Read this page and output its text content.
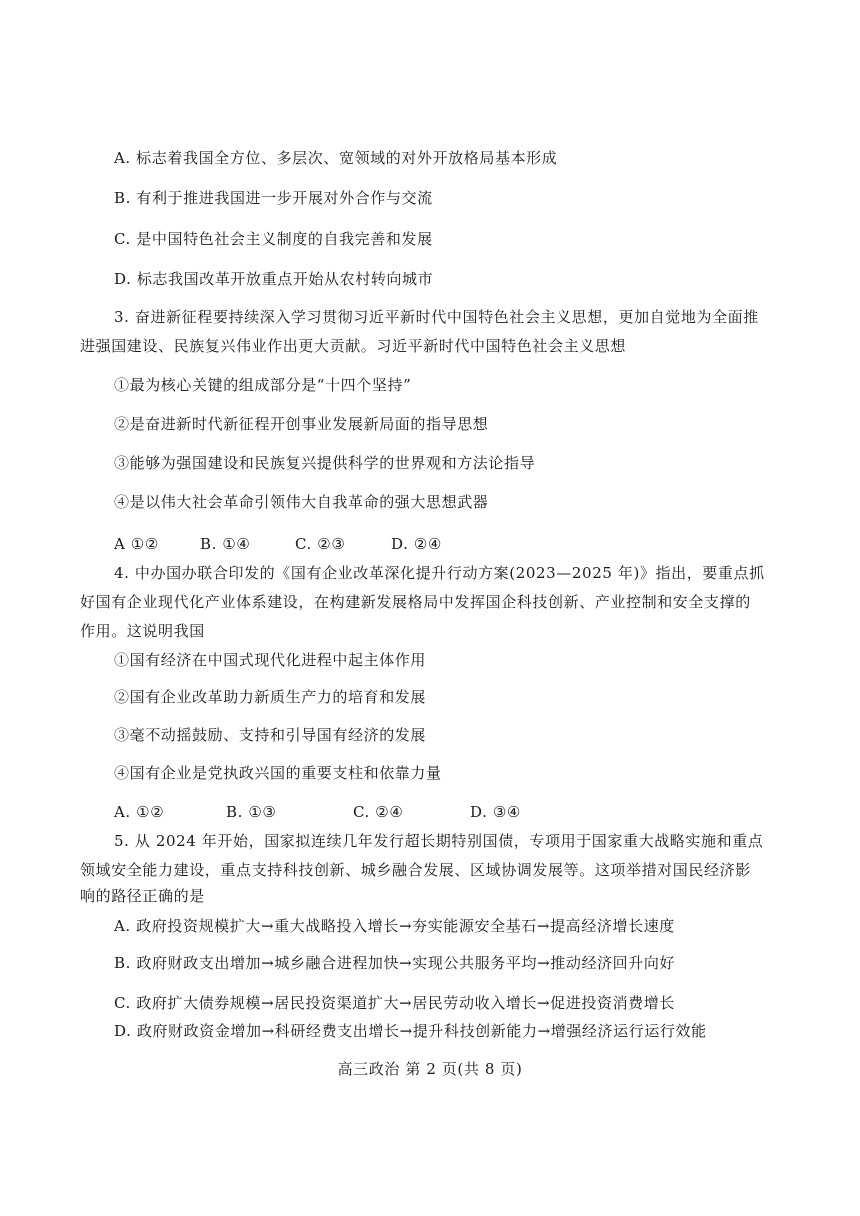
A. 标志着我国全方位、多层次、宽领域的对外开放格局基本形成
B. 有利于推进我国进一步开展对外合作与交流
C. 是中国特色社会主义制度的自我完善和发展
D. 标志我国改革开放重点开始从农村转向城市
3. 奋进新征程要持续深入学习贯彻习近平新时代中国特色社会主义思想，更加自觉地为全面推
进强国建设、民族复兴伟业作出更大贡献。习近平新时代中国特色社会主义思想
①最为核心关键的组成部分是“十四个坚持”
②是奋进新时代新征程开创事业发展新局面的指导思想
③能够为强国建设和民族复兴提供科学的世界观和方法论指导
④是以伟大社会革命引领伟大自我革命的强大思想武器
A ①②	B. ①④	C. ②③	D. ②④
4. 中办国办联合印发的《国有企业改革深化提升行动方案(2023—2025 年)》指出，要重点抓
好国有企业现代化产业体系建设，在构建新发展格局中发挥国企科技创新、产业控制和安全支撑的
作用。这说明我国
①国有经济在中国式现代化进程中起主体作用
②国有企业改革助力新质生产力的培育和发展
③毫不动摇鼓励、支持和引导国有经济的发展
④国有企业是党执政兴国的重要支柱和依靠力量
A. ①②	B. ①③	C. ②④	D. ③④
5. 从 2024 年开始，国家拟连续几年发行超长期特别国债，专项用于国家重大战略实施和重点
领域安全能力建设，重点支持科技创新、城乡融合发展、区域协调发展等。这项举措对国民经济影
响的路径正确的是
A. 政府投资规模扩大→重大战略投入增长→夯实能源安全基石→提高经济增长速度
B. 政府财政支出增加→城乡融合进程加快→实现公共服务平均→推动经济回升向好
C. 政府扩大债券规模→居民投资渠道扩大→居民劳动收入增长→促进投资消费增长
D. 政府财政资金增加→科研经费支出增长→提升科技创新能力→增强经济运行运行效能
高三政治 第 2 页(共 8 页)
